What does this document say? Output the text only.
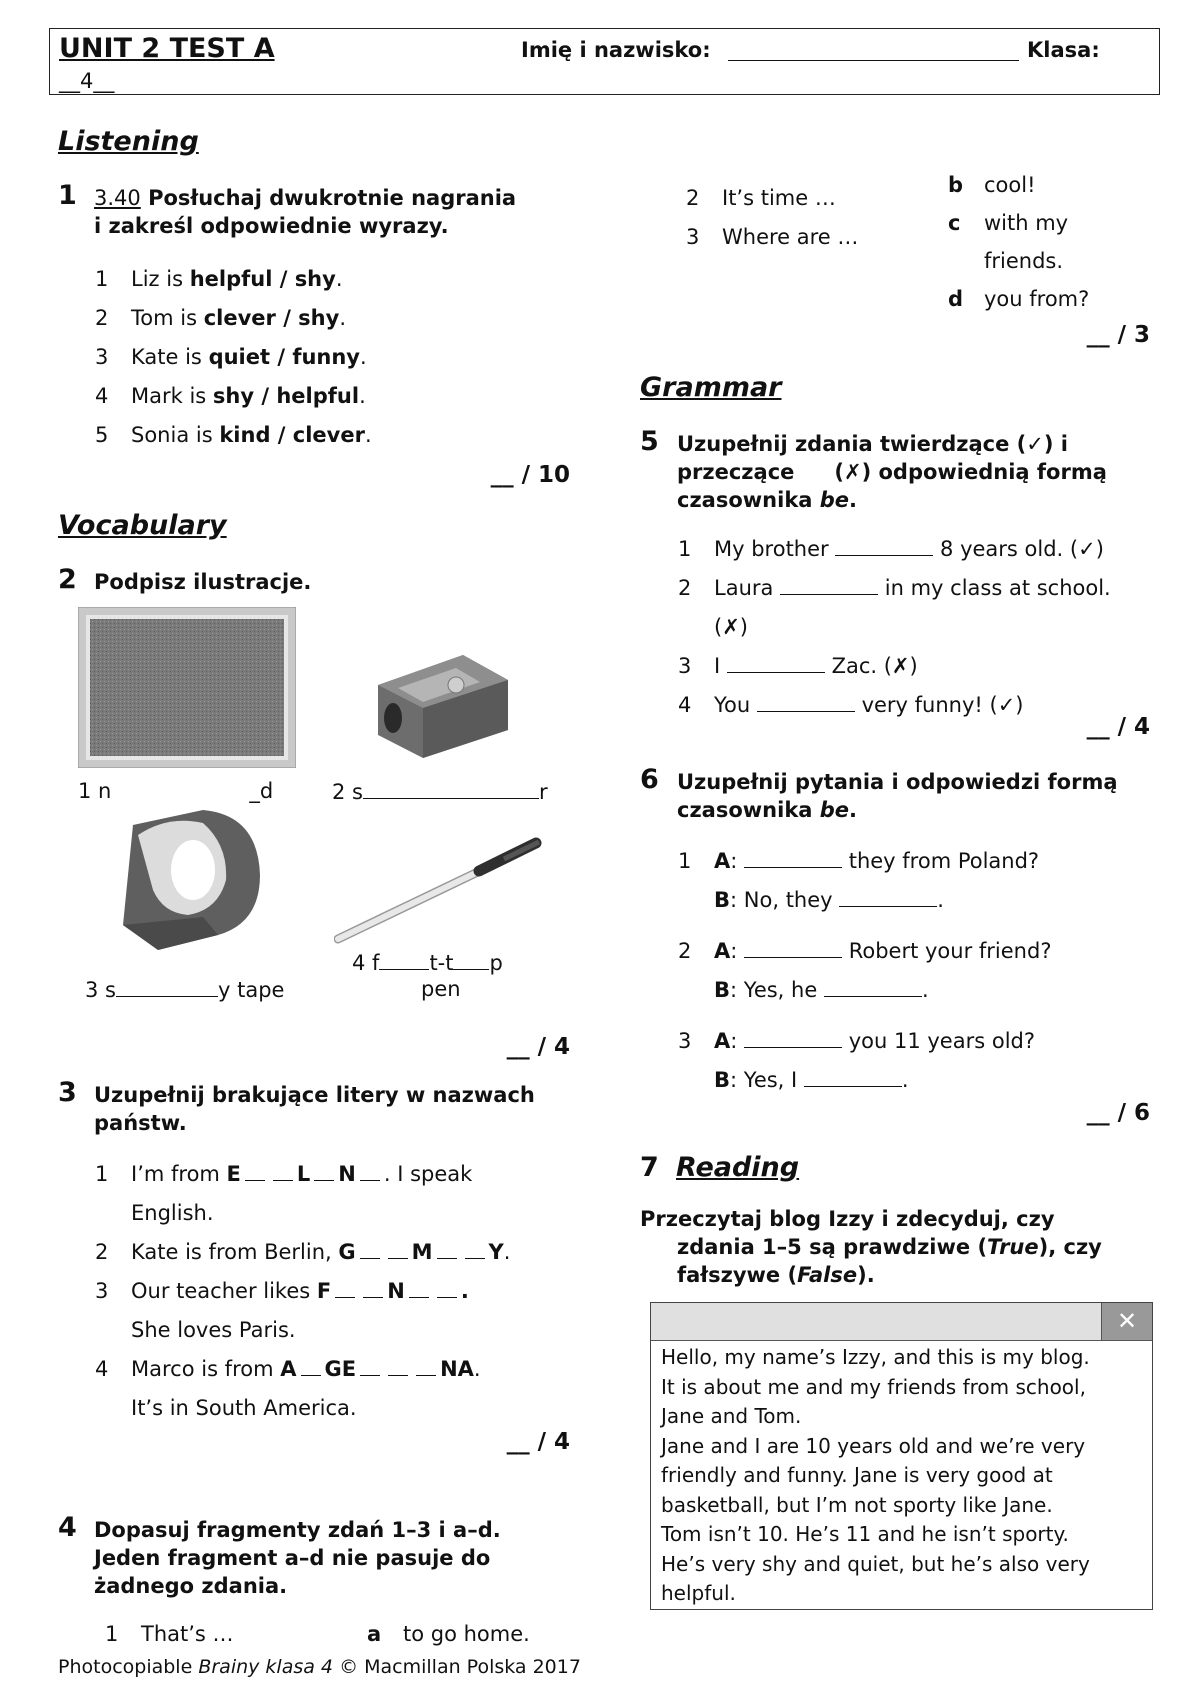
UNIT 2 TEST A	Imię i nazwisko:	Klasa:
__4__
Listening
1 3.40 Posłuchaj dwukrotnie nagrania
i zakreśl odpowiednie wyrazy.
1 Liz is helpful / shy.
2 Tom is clever / shy.
3 Kate is quiet / funny.
4 Mark is shy / helpful.
5 Sonia is kind / clever.
__ / 10
Vocabulary
2 Podpisz ilustracje.
1 n	_d	2 s	r
3 s	y tape
4 f t-t p
pen
__ / 4
3 Uzupełnij brakujące litery w nazwach
państw.
1 I’m from E	L N . I speak
English.
2 Kate is from Berlin, G	M	Y.
3 Our teacher likes F	N	.
She loves Paris.
4 Marco is from A GE	NA.
It’s in South America.
__ / 4
4 Dopasuj fragmenty zdań 1–3 i a–d.
Jeden fragment a–d nie pasuje do
żadnego zdania.
1 That’s …	a to go home.
2 It’s time …
3 Where are …
b cool!
c with my
friends.
d you from?
__ / 3
Grammar
5 Uzupełnij zdania twierdzące (✓) i
przeczące (✗) odpowiednią formą
czasownika be.
1 My brother	8 years old. (✓)
2 Laura	in my class at school.
(✗)
3 I	Zac. (✗)
4 You	very funny! (✓)
__ / 4
6 Uzupełnij pytania i odpowiedzi formą
czasownika be.
1 A:	they from Poland?
B: No, they	.
2 A:	Robert your friend?
B: Yes, he	.
3 A:	you 11 years old?
B: Yes, I	.
__ / 6
7 Reading
Przeczytaj blog Izzy i zdecyduj, czy
zdania 1–5 są prawdziwe (True), czy
fałszywe (False).
✕
Hello, my name’s Izzy, and this is my blog.
It is about me and my friends from school,
Jane and Tom.
Jane and I are 10 years old and we’re very
friendly and funny. Jane is very good at
basketball, but I’m not sporty like Jane.
Tom isn’t 10. He’s 11 and he isn’t sporty.
He’s very shy and quiet, but he’s also very
helpful.
Photocopiable Brainy klasa 4 © Macmillan Polska 2017
